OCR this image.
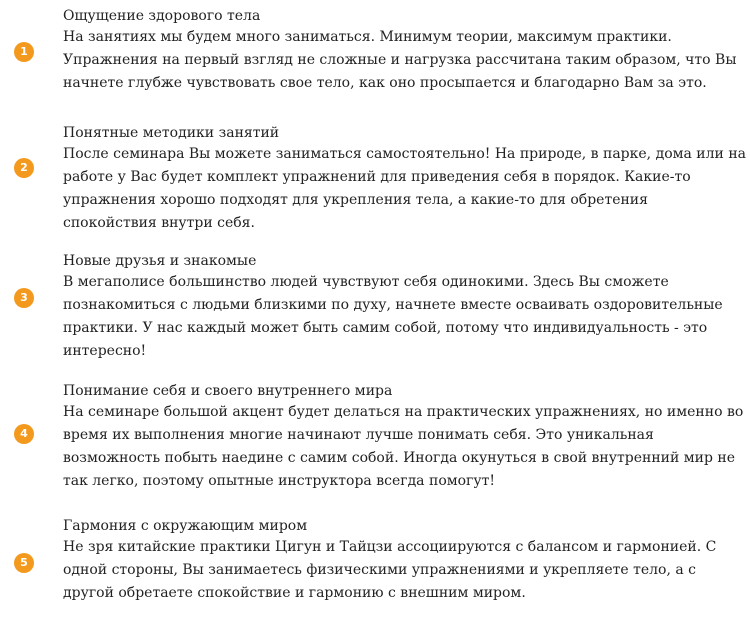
1
Ощущение здорового тела
На занятиях мы будем много заниматься. Минимум теории, максимум практики.
Упражнения на первый взгляд не сложные и нагрузка рассчитана таким образом, что Вы
начнете глубже чувствовать свое тело, как оно просыпается и благодарно Вам за это.
2
Понятные методики занятий
После семинара Вы можете заниматься самостоятельно! На природе, в парке, дома или на
работе у Вас будет комплект упражнений для приведения себя в порядок. Какие-то
упражнения хорошо подходят для укрепления тела, а какие-то для обретения
спокойствия внутри себя.
3
Новые друзья и знакомые
В мегаполисе большинство людей чувствуют себя одинокими. Здесь Вы сможете
познакомиться с людьми близкими по духу, начнете вместе осваивать оздоровительные
практики. У нас каждый может быть самим собой, потому что индивидуальность - это
интересно!
4
Понимание себя и своего внутреннего мира
На семинаре большой акцент будет делаться на практических упражнениях, но именно во
время их выполнения многие начинают лучше понимать себя. Это уникальная
возможность побыть наедине с самим собой. Иногда окунуться в свой внутренний мир не
так легко, поэтому опытные инструктора всегда помогут!
5
Гармония с окружающим миром
Не зря китайские практики Цигун и Тайцзи ассоциируются с балансом и гармонией. С
одной стороны, Вы занимаетесь физическими упражнениями и укрепляете тело, а с
другой обретаете спокойствие и гармонию с внешним миром.
